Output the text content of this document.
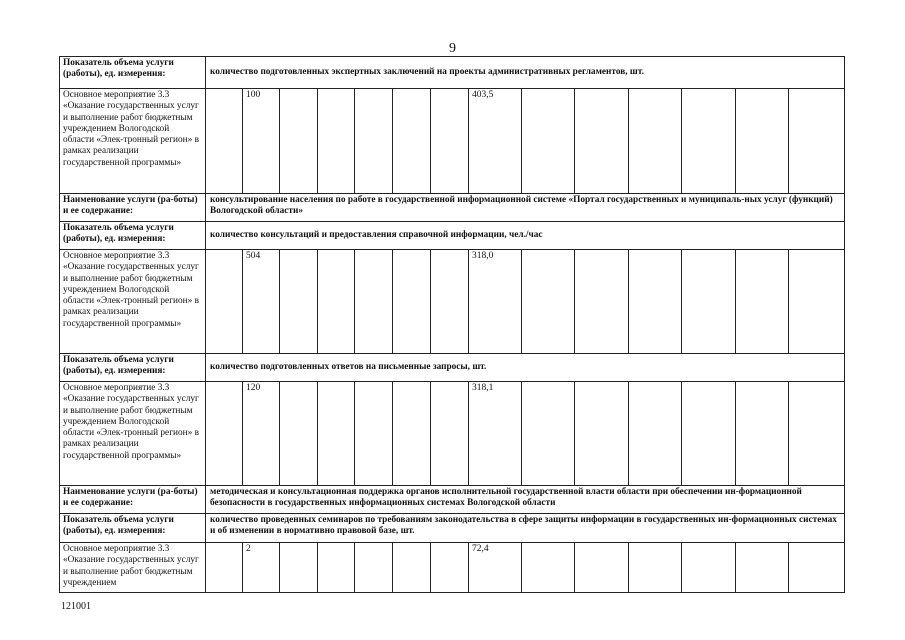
9
Показатель объема услуги (работы), ед. измерения:	количество подготовленных экспертных заключений на проекты административных регламентов, шт.													
Основное мероприятие 3.3 «Оказание государственных услуг и выполнение работ бюджетным учреждением Вологодской области «Элек-тронный регион» в рамках реализации государственной программы»		100						403,5						
Наименование услуги (ра-боты) и ее содержание:	консультирование населения по работе в государственной информационной системе «Портал государственных и муниципаль-ных услуг (функций) Вологодской области»													
Показатель объема услуги (работы), ед. измерения:	количество консультаций и предоставления справочной информации, чел./час													
Основное мероприятие 3.3 «Оказание государственных услуг и выполнение работ бюджетным учреждением Вологодской области «Элек-тронный регион» в рамках реализации государственной программы»		504						318,0						
Показатель объема услуги (работы), ед. измерения:	количество подготовленных ответов на письменные запросы, шт.													
Основное мероприятие 3.3 «Оказание государственных услуг и выполнение работ бюджетным учреждением Вологодской области «Элек-тронный регион» в рамках реализации государственной программы»		120						318,1						
Наименование услуги (ра-боты) и ее содержание:	методическая и консультационная поддержка органов исполнительной государственной власти области при обеспечении ин-формационной безопасности в государственных информационных системах Вологодской области													
Показатель объема услуги (работы), ед. измерения:	количество проведенных семинаров по требованиям законодательства в сфере защиты информации в государственных ин-формационных системах и об изменении в нормативно правовой базе, шт.													
Основное мероприятие 3.3 «Оказание государственных услуг и выполнение работ бюджетным учреждением		2						72,4						
121001
